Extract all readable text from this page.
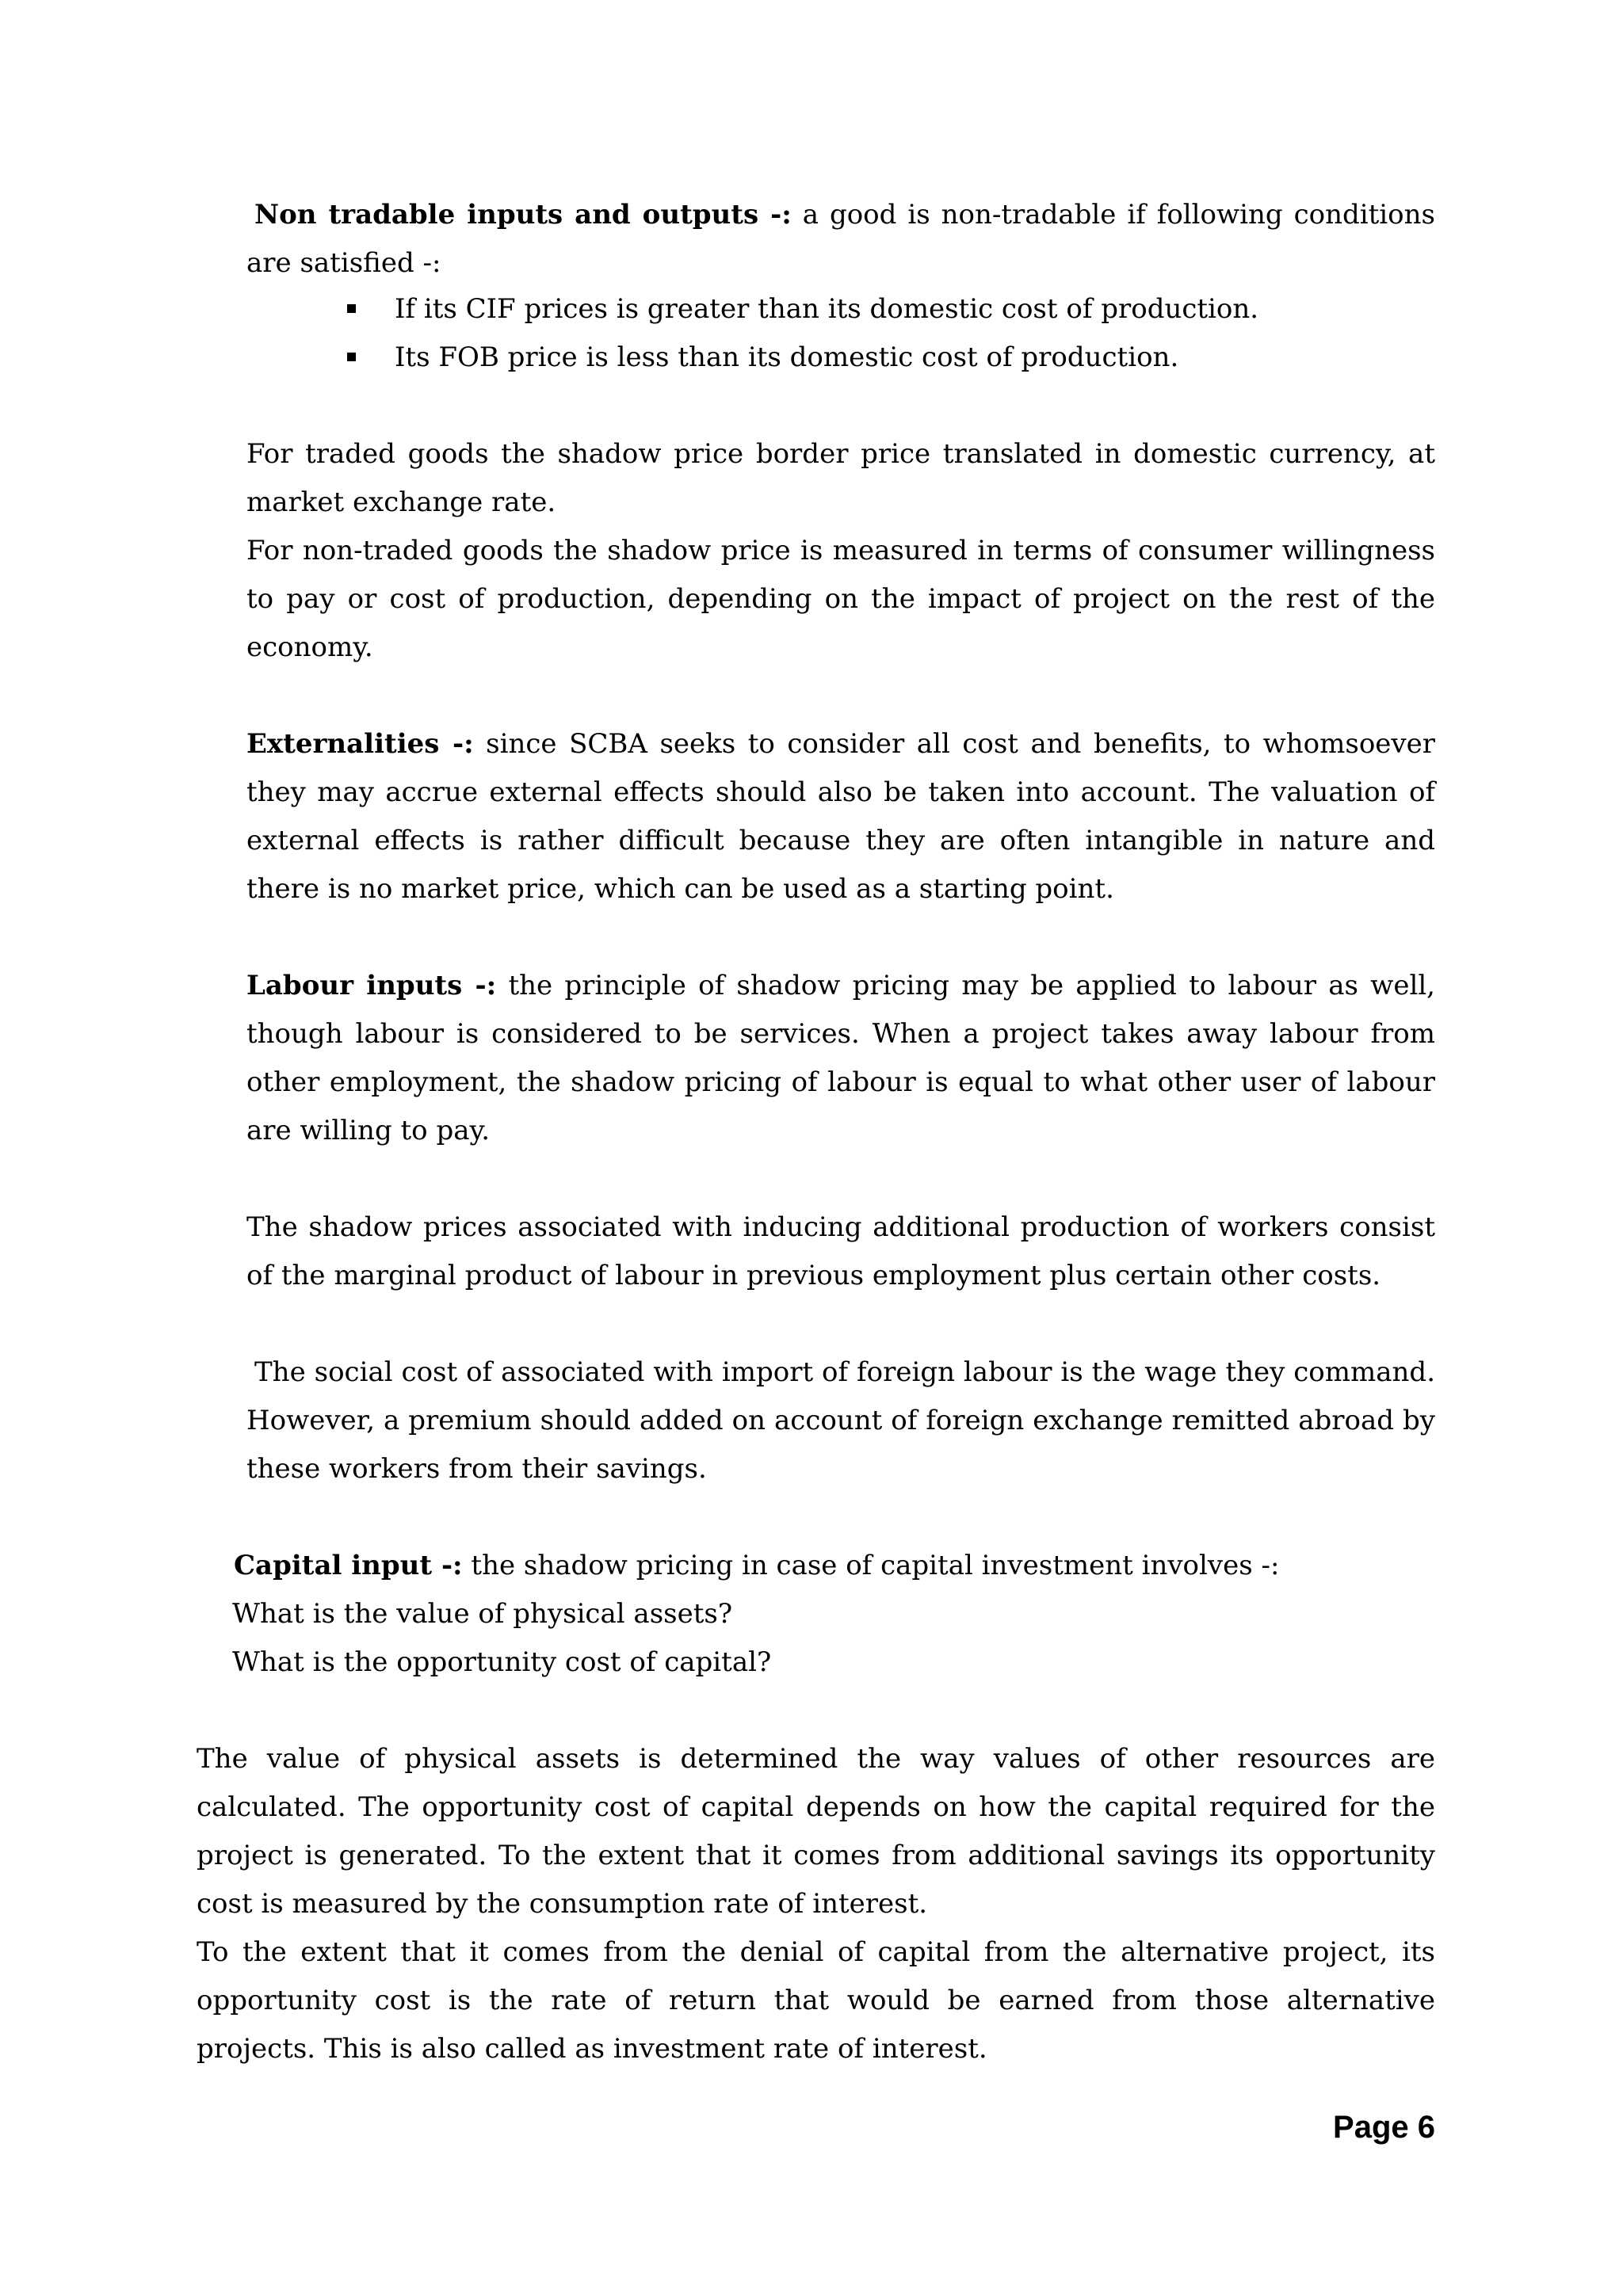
Non tradable inputs and outputs -: a good is non-tradable if following conditions are satisfied -:

If its CIF prices is greater than its domestic cost of production.
Its FOB price is less than its domestic cost of production.

For traded goods the shadow price border price translated in domestic currency, at market exchange rate.

For non-traded goods the shadow price is measured in terms of consumer willingness to pay or cost of production, depending on the impact of project on the rest of the economy.

Externalities -: since SCBA seeks to consider all cost and benefits, to whomsoever they may accrue external effects should also be taken into account. The valuation of external effects is rather difficult because they are often intangible in nature and there is no market price, which can be used as a starting point.

Labour inputs -: the principle of shadow pricing may be applied to labour as well, though labour is considered to be services. When a project takes away labour from other employment, the shadow pricing of labour is equal to what other user of labour are willing to pay.

The shadow prices associated with inducing additional production of workers consist of the marginal product of labour in previous employment plus certain other costs.

The social cost of associated with import of foreign labour is the wage they command. However, a premium should added on account of foreign exchange remitted abroad by these workers from their savings.

Capital input -: the shadow pricing in case of capital investment involves -:

What is the value of physical assets?

What is the opportunity cost of capital?

The value of physical assets is determined the way values of other resources are calculated. The opportunity cost of capital depends on how the capital required for the project is generated. To the extent that it comes from additional savings its opportunity cost is measured by the consumption rate of interest.

To the extent that it comes from the denial of capital from the alternative project, its opportunity cost is the rate of return that would be earned from those alternative projects. This is also called as investment rate of interest.

Page 6
